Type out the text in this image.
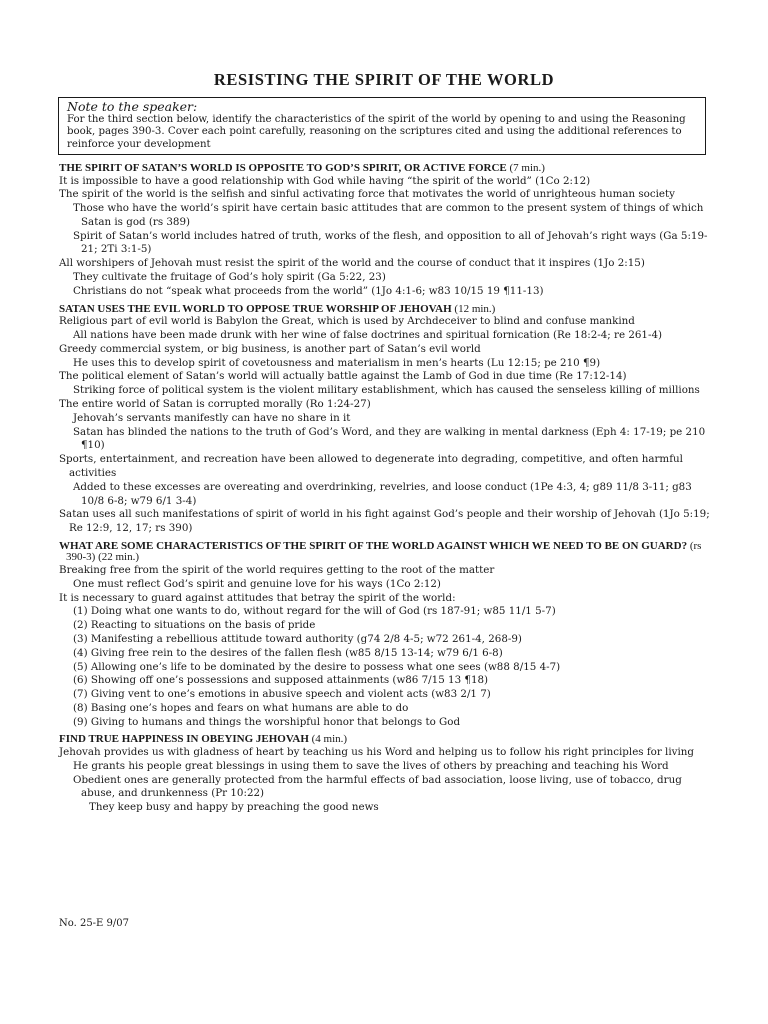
RESISTING THE SPIRIT OF THE WORLD
Note to the speaker:
For the third section below, identify the characteristics of the spirit of the world by opening to and using the Reasoning book, pages 390-3. Cover each point carefully, reasoning on the scriptures cited and using the additional references to reinforce your development
THE SPIRIT OF SATAN’S WORLD IS OPPOSITE TO GOD’S SPIRIT, OR ACTIVE FORCE (7 min.)
It is impossible to have a good relationship with God while having “the spirit of the world” (1Co 2:12)
The spirit of the world is the selfish and sinful activating force that motivates the world of unrighteous human society
Those who have the world’s spirit have certain basic attitudes that are common to the present system of things of which Satan is god (rs 389)
Spirit of Satan’s world includes hatred of truth, works of the flesh, and opposition to all of Jehovah’s right ways (Ga 5:19-21; 2Ti 3:1-5)
All worshipers of Jehovah must resist the spirit of the world and the course of conduct that it inspires (1Jo 2:15)
They cultivate the fruitage of God’s holy spirit (Ga 5:22, 23)
Christians do not “speak what proceeds from the world” (1Jo 4:1-6; w83 10/15 19 ¶11-13)
SATAN USES THE EVIL WORLD TO OPPOSE TRUE WORSHIP OF JEHOVAH (12 min.)
Religious part of evil world is Babylon the Great, which is used by Archdeceiver to blind and confuse mankind
All nations have been made drunk with her wine of false doctrines and spiritual fornication (Re 18:2-4; re 261-4)
Greedy commercial system, or big business, is another part of Satan’s evil world
He uses this to develop spirit of covetousness and materialism in men’s hearts (Lu 12:15; pe 210 ¶9)
The political element of Satan’s world will actually battle against the Lamb of God in due time (Re 17:12-14)
Striking force of political system is the violent military establishment, which has caused the senseless killing of millions
The entire world of Satan is corrupted morally (Ro 1:24-27)
Jehovah’s servants manifestly can have no share in it
Satan has blinded the nations to the truth of God’s Word, and they are walking in mental darkness (Eph 4: 17-19; pe 210 ¶10)
Sports, entertainment, and recreation have been allowed to degenerate into degrading, competitive, and often harmful activities
Added to these excesses are overeating and overdrinking, revelries, and loose conduct (1Pe 4:3, 4; g89 11/8 3-11; g83 10/8 6-8; w79 6/1 3-4)
Satan uses all such manifestations of spirit of world in his fight against God’s people and their worship of Jehovah (1Jo 5:19; Re 12:9, 12, 17; rs 390)
WHAT ARE SOME CHARACTERISTICS OF THE SPIRIT OF THE WORLD AGAINST WHICH WE NEED TO BE ON GUARD? (rs 390-3) (22 min.)
Breaking free from the spirit of the world requires getting to the root of the matter
One must reflect God’s spirit and genuine love for his ways (1Co 2:12)
It is necessary to guard against attitudes that betray the spirit of the world:
(1) Doing what one wants to do, without regard for the will of God (rs 187-91; w85 11/1 5-7)
(2) Reacting to situations on the basis of pride
(3) Manifesting a rebellious attitude toward authority (g74 2/8 4-5; w72 261-4, 268-9)
(4) Giving free rein to the desires of the fallen flesh (w85 8/15 13-14; w79 6/1 6-8)
(5) Allowing one’s life to be dominated by the desire to possess what one sees (w88 8/15 4-7)
(6) Showing off one’s possessions and supposed attainments (w86 7/15 13 ¶18)
(7) Giving vent to one’s emotions in abusive speech and violent acts (w83 2/1 7)
(8) Basing one’s hopes and fears on what humans are able to do
(9) Giving to humans and things the worshipful honor that belongs to God
FIND TRUE HAPPINESS IN OBEYING JEHOVAH (4 min.)
Jehovah provides us with gladness of heart by teaching us his Word and helping us to follow his right principles for living
He grants his people great blessings in using them to save the lives of others by preaching and teaching his Word
Obedient ones are generally protected from the harmful effects of bad association, loose living, use of tobacco, drug abuse, and drunkenness (Pr 10:22)
They keep busy and happy by preaching the good news
No. 25-E 9/07
